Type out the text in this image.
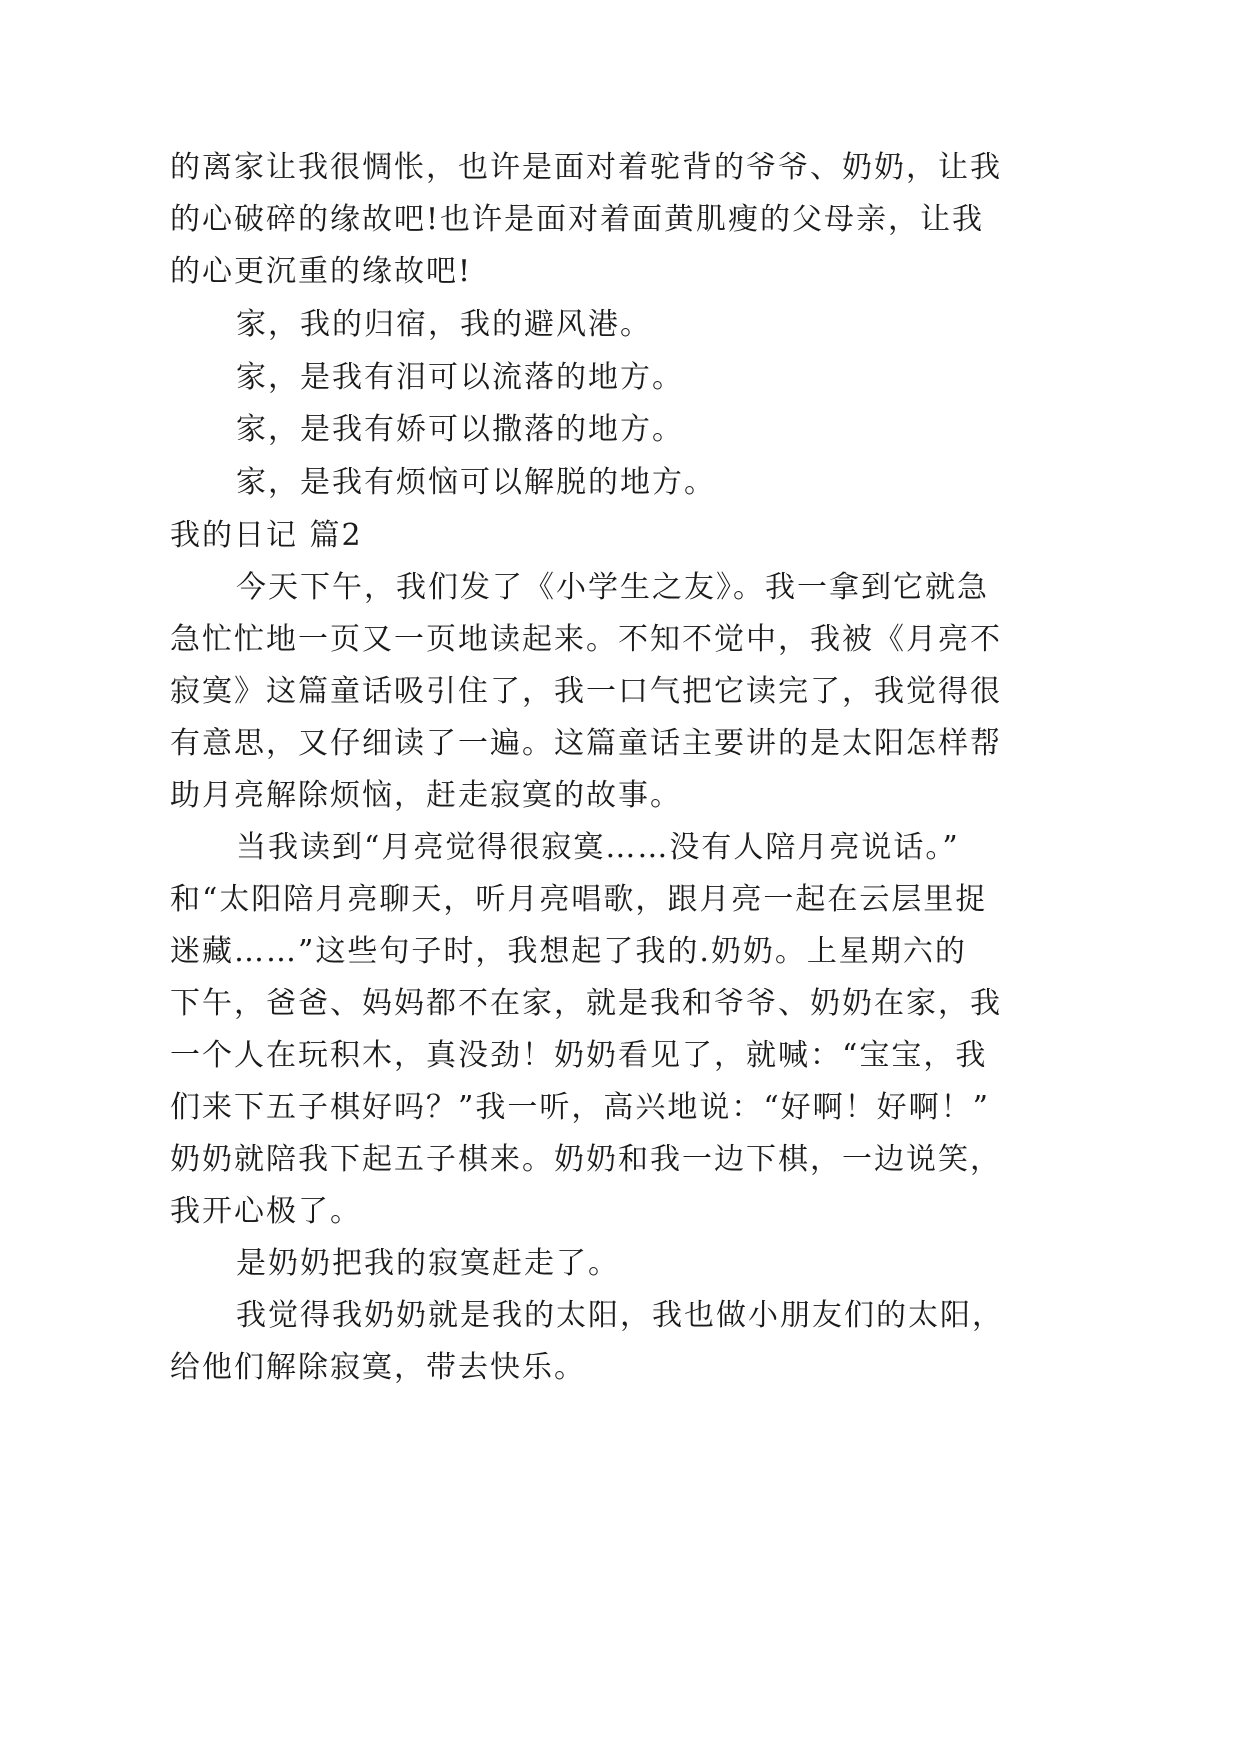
的离家让我很惆怅，也许是面对着驼背的爷爷、奶奶，让我
的心破碎的缘故吧!也许是面对着面黄肌瘦的父母亲，让我
的心更沉重的缘故吧!
家，我的归宿，我的避风港。
家，是我有泪可以流落的地方。
家，是我有娇可以撒落的地方。
家，是我有烦恼可以解脱的地方。
我的日记 篇2
今天下午，我们发了《小学生之友》。我一拿到它就急
急忙忙地一页又一页地读起来。不知不觉中，我被《月亮不
寂寞》这篇童话吸引住了，我一口气把它读完了，我觉得很
有意思，又仔细读了一遍。这篇童话主要讲的是太阳怎样帮
助月亮解除烦恼，赶走寂寞的故事。
当我读到“月亮觉得很寂寞……没有人陪月亮说话。”
和“太阳陪月亮聊天，听月亮唱歌，跟月亮一起在云层里捉
迷藏……”这些句子时，我想起了我的.奶奶。上星期六的
下午，爸爸、妈妈都不在家，就是我和爷爷、奶奶在家，我
一个人在玩积木，真没劲！奶奶看见了，就喊：“宝宝，我
们来下五子棋好吗？”我一听，高兴地说：“好啊！好啊！”
奶奶就陪我下起五子棋来。奶奶和我一边下棋，一边说笑，
我开心极了。
是奶奶把我的寂寞赶走了。
我觉得我奶奶就是我的太阳，我也做小朋友们的太阳，
给他们解除寂寞，带去快乐。
